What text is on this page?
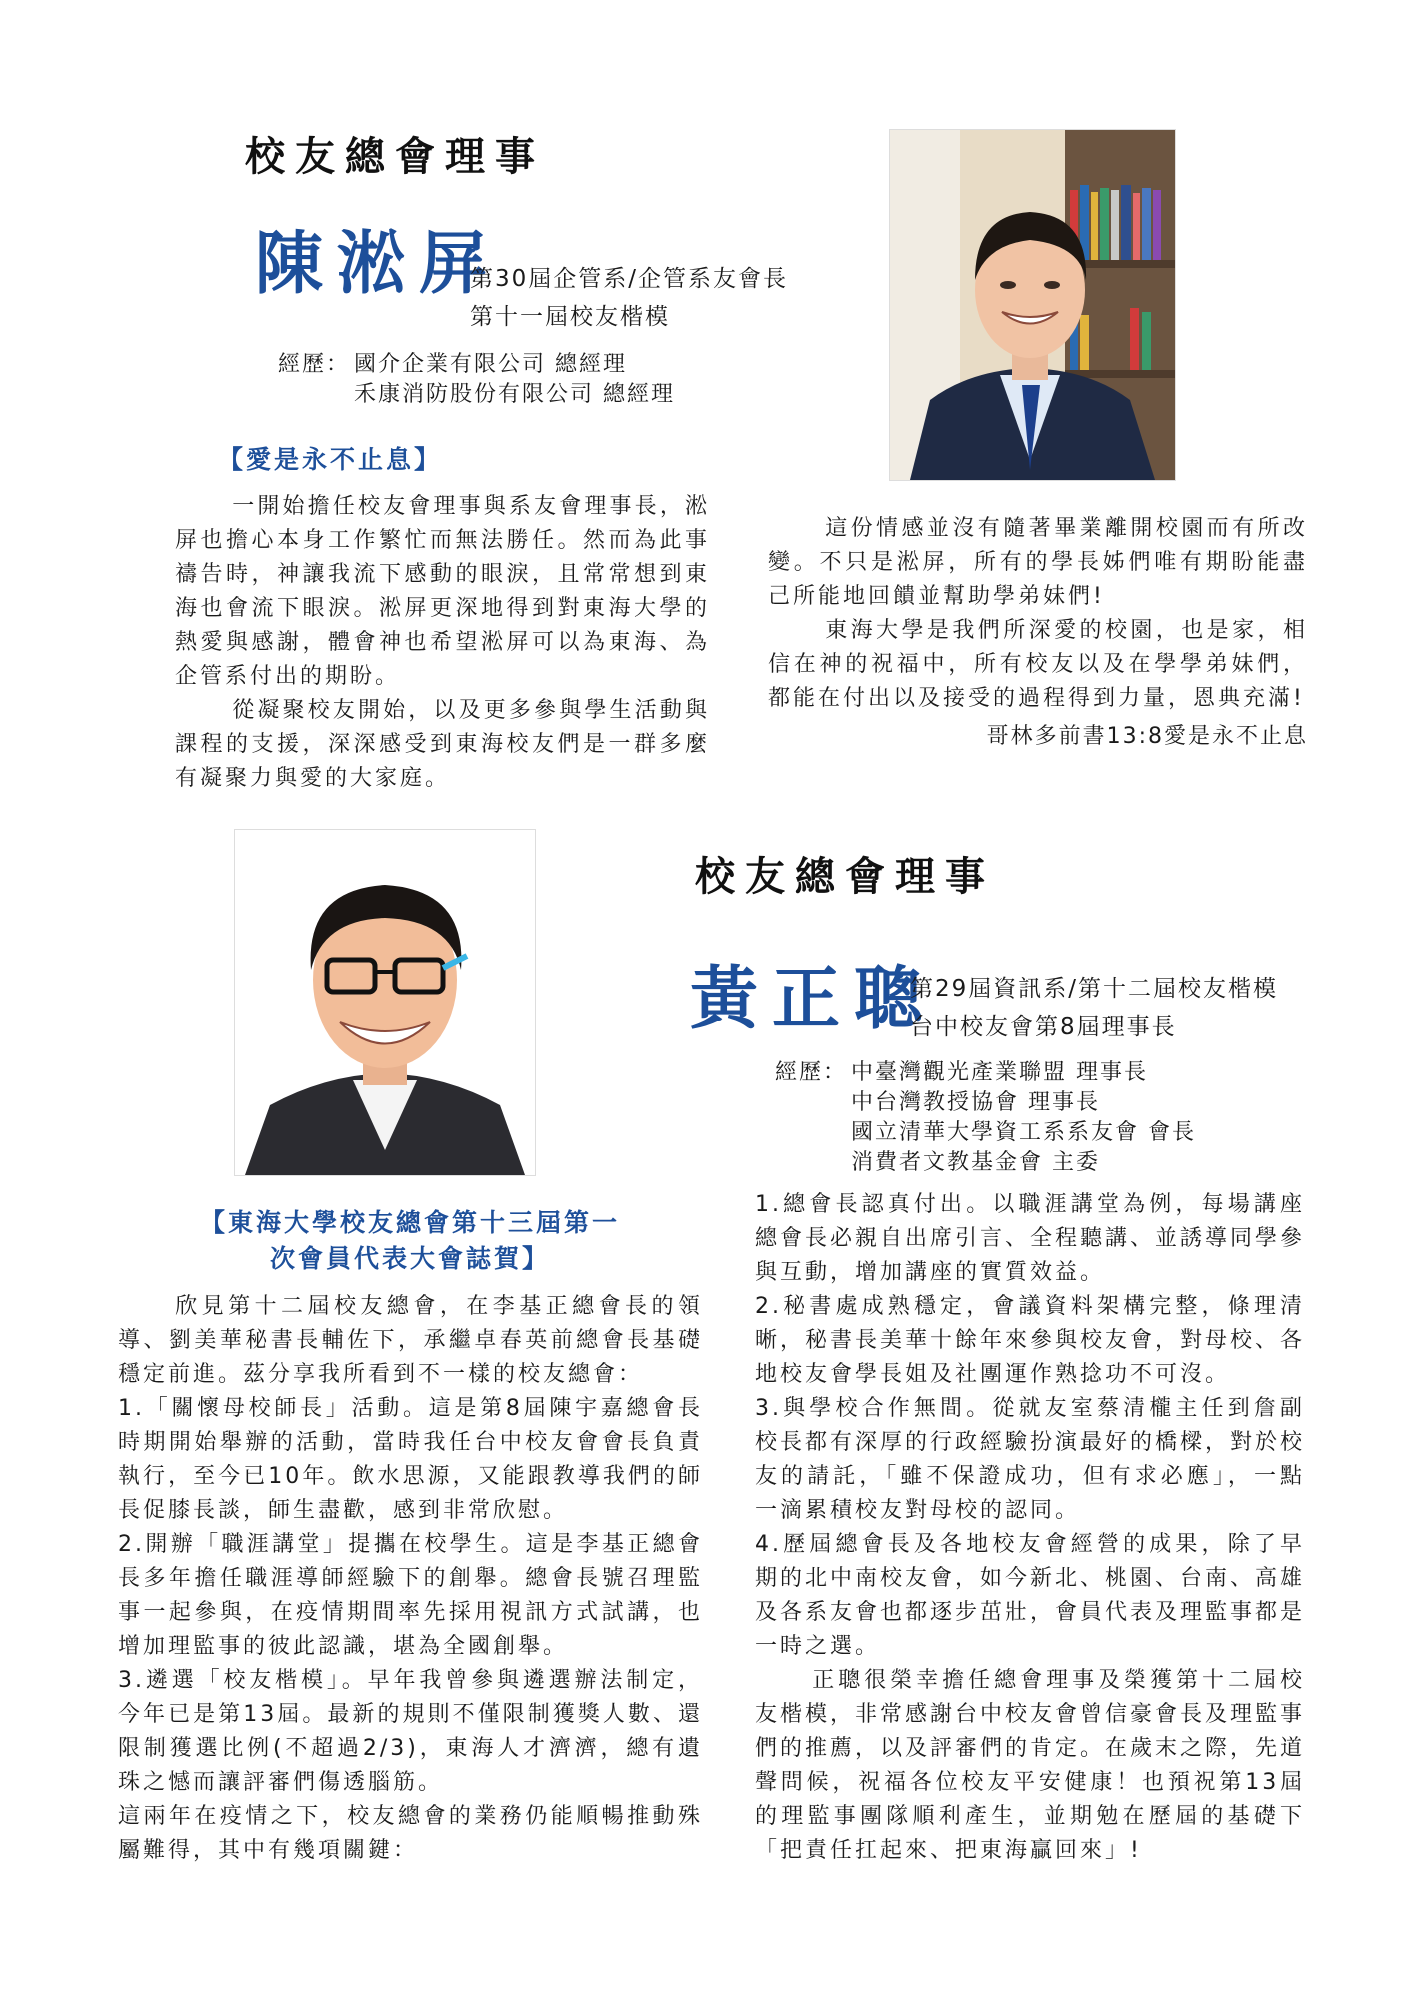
校友總會理事
陳淞屏
第30屆企管系/企管系友會長
第十一屆校友楷模
經歷： 國介企業有限公司 總經理
禾康消防股份有限公司 總經理
【愛是永不止息】

一開始擔任校友會理事與系友會理事長，淞屏也擔心本身工作繁忙而無法勝任。然而為此事禱告時，神讓我流下感動的眼淚，且常常想到東海也會流下眼淚。淞屏更深地得到對東海大學的熱愛與感謝，體會神也希望淞屏可以為東海、為企管系付出的期盼。

從凝聚校友開始，以及更多參與學生活動與課程的支援，深深感受到東海校友們是一群多麼有凝聚力與愛的大家庭。

這份情感並沒有隨著畢業離開校園而有所改變。不只是淞屏，所有的學長姊們唯有期盼能盡己所能地回饋並幫助學弟妹們!

東海大學是我們所深愛的校園，也是家，相信在神的祝福中，所有校友以及在學學弟妹們，都能在付出以及接受的過程得到力量，恩典充滿!

哥林多前書13:8愛是永不止息
校友總會理事
黃正聰
第29屆資訊系/第十二屆校友楷模
台中校友會第8屆理事長
經歷： 中臺灣觀光產業聯盟 理事長
中台灣教授協會 理事長
國立清華大學資工系系友會 會長
消費者文教基金會 主委
【東海大學校友總會第十三屆第一
次會員代表大會誌賀】

欣見第十二屆校友總會，在李基正總會長的領導、劉美華秘書長輔佐下，承繼卓春英前總會長基礎穩定前進。茲分享我所看到不一樣的校友總會：

1.「關懷母校師長」活動。這是第8屆陳宇嘉總會長時期開始舉辦的活動，當時我任台中校友會會長負責執行，至今已10年。飲水思源，又能跟教導我們的師長促膝長談，師生盡歡，感到非常欣慰。

2.開辦「職涯講堂」提攜在校學生。這是李基正總會長多年擔任職涯導師經驗下的創舉。總會長號召理監事一起參與，在疫情期間率先採用視訊方式試講，也增加理監事的彼此認識，堪為全國創舉。

3.遴選「校友楷模」。早年我曾參與遴選辦法制定，今年已是第13屆。最新的規則不僅限制獲獎人數、還限制獲選比例(不超過2/3)，東海人才濟濟，總有遺珠之憾而讓評審們傷透腦筋。

這兩年在疫情之下，校友總會的業務仍能順暢推動殊屬難得，其中有幾項關鍵：

1.總會長認真付出。以職涯講堂為例，每場講座總會長必親自出席引言、全程聽講、並誘導同學參與互動，增加講座的實質效益。

2.秘書處成熟穩定，會議資料架構完整，條理清晰，秘書長美華十餘年來參與校友會，對母校、各地校友會學長姐及社團運作熟捻功不可沒。

3.與學校合作無間。從就友室蔡清櫳主任到詹副校長都有深厚的行政經驗扮演最好的橋樑，對於校友的請託，「雖不保證成功，但有求必應」，一點一滴累積校友對母校的認同。

4.歷屆總會長及各地校友會經營的成果，除了早期的北中南校友會，如今新北、桃園、台南、高雄及各系友會也都逐步茁壯，會員代表及理監事都是一時之選。

正聰很榮幸擔任總會理事及榮獲第十二屆校友楷模，非常感謝台中校友會曾信豪會長及理監事們的推薦，以及評審們的肯定。在歲末之際，先道聲問候，祝福各位校友平安健康！也預祝第13屆的理監事團隊順利產生，並期勉在歷屆的基礎下「把責任扛起來、把東海贏回來」!
